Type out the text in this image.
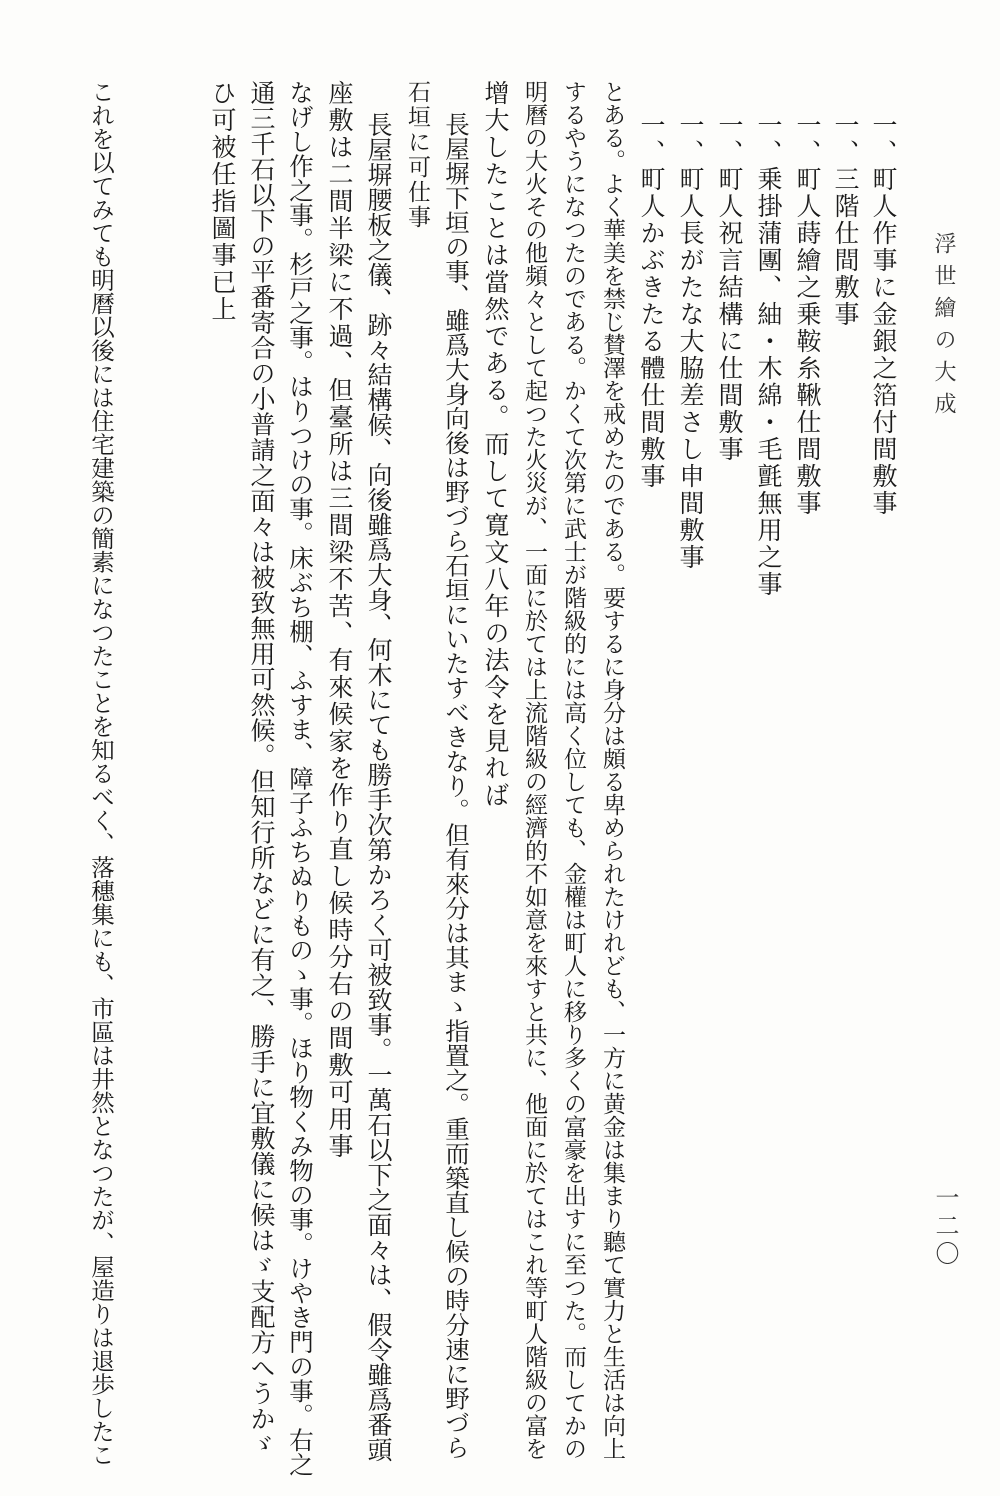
浮世繪の大成
一二〇
一、町人作事に金銀之箔付間敷事
一、三階仕間敷事
一、町人蒔繪之乗鞍糸鞦仕間敷事
一、乗掛蒲團、紬・木綿・毛氈無用之事
一、町人祝言結構に仕間敷事
一、町人長がたな大脇差さし申間敷事
一、町人かぶきたる體仕間敷事
とある。よく華美を禁じ賛澤を戒めたのである。要するに身分は頗る卑められたけれども、一方に黄金は集まり聽て實力と生活は向上
するやうになつたのである。かくて次第に武士が階級的には高く位しても、金權は町人に移り多くの富豪を出すに至つた。而してかの
明曆の大火その他頻々として起つた火災が、一面に於ては上流階級の經濟的不如意を來すと共に、他面に於てはこれ等町人階級の富を
增大したことは當然である。而して寛文八年の法令を見れば
長屋塀下垣の事、雖爲大身向後は野づら石垣にいたすべきなり。但有來分は其まゝ指置之。重而築直し候の時分速に野づら
石垣に可仕事
長屋塀腰板之儀、跡々結構候、向後雖爲大身、何木にても勝手次第かろく可被致事。一萬石以下之面々は、假令雖爲番頭
座敷は二間半梁に不過、但臺所は三間梁不苦、有來候家を作り直し候時分右の間敷可用事
なげし作之事。杉戸之事。はりつけの事。床ぶち棚、ふすま、障子ふちぬりものゝ事。ほり物くみ物の事。けやき門の事。右之
通三千石以下の平番寄合の小普請之面々は被致無用可然候。但知行所などに有之、勝手に宜敷儀に候はゞ支配方へうかゞ
ひ可被任指圖事已上
これを以てみても明曆以後には住宅建築の簡素になつたことを知るべく、落穗集にも、市區は井然となつたが、屋造りは退歩したこ
